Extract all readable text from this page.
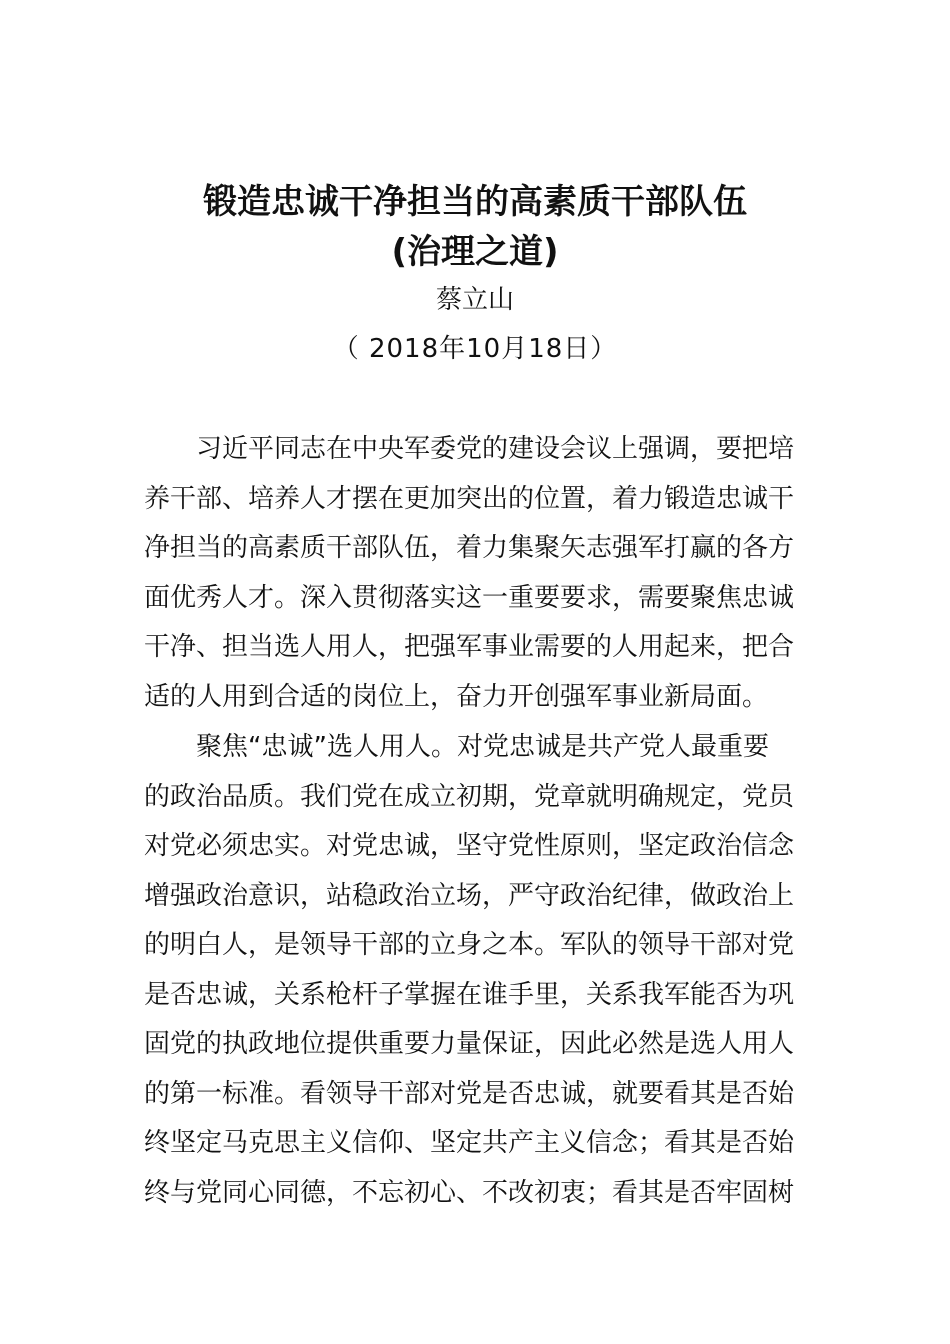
锻造忠诚干净担当的高素质干部队伍
(治理之道)
蔡立山
（ 2018年10月18日）
习近平同志在中央军委党的建设会议上强调，要把培
养干部、培养人才摆在更加突出的位置，着力锻造忠诚干
净担当的高素质干部队伍，着力集聚矢志强军打赢的各方
面优秀人才。深入贯彻落实这一重要要求，需要聚焦忠诚
干净、担当选人用人，把强军事业需要的人用起来，把合
适的人用到合适的岗位上，奋力开创强军事业新局面。
聚焦“忠诚”选人用人。对党忠诚是共产党人最重要
的政治品质。我们党在成立初期，党章就明确规定，党员
对党必须忠实。对党忠诚，坚守党性原则，坚定政治信念
增强政治意识，站稳政治立场，严守政治纪律，做政治上
的明白人，是领导干部的立身之本。军队的领导干部对党
是否忠诚，关系枪杆子掌握在谁手里，关系我军能否为巩
固党的执政地位提供重要力量保证，因此必然是选人用人
的第一标准。看领导干部对党是否忠诚，就要看其是否始
终坚定马克思主义信仰、坚定共产主义信念；看其是否始
终与党同心同德，不忘初心、不改初衷；看其是否牢固树
